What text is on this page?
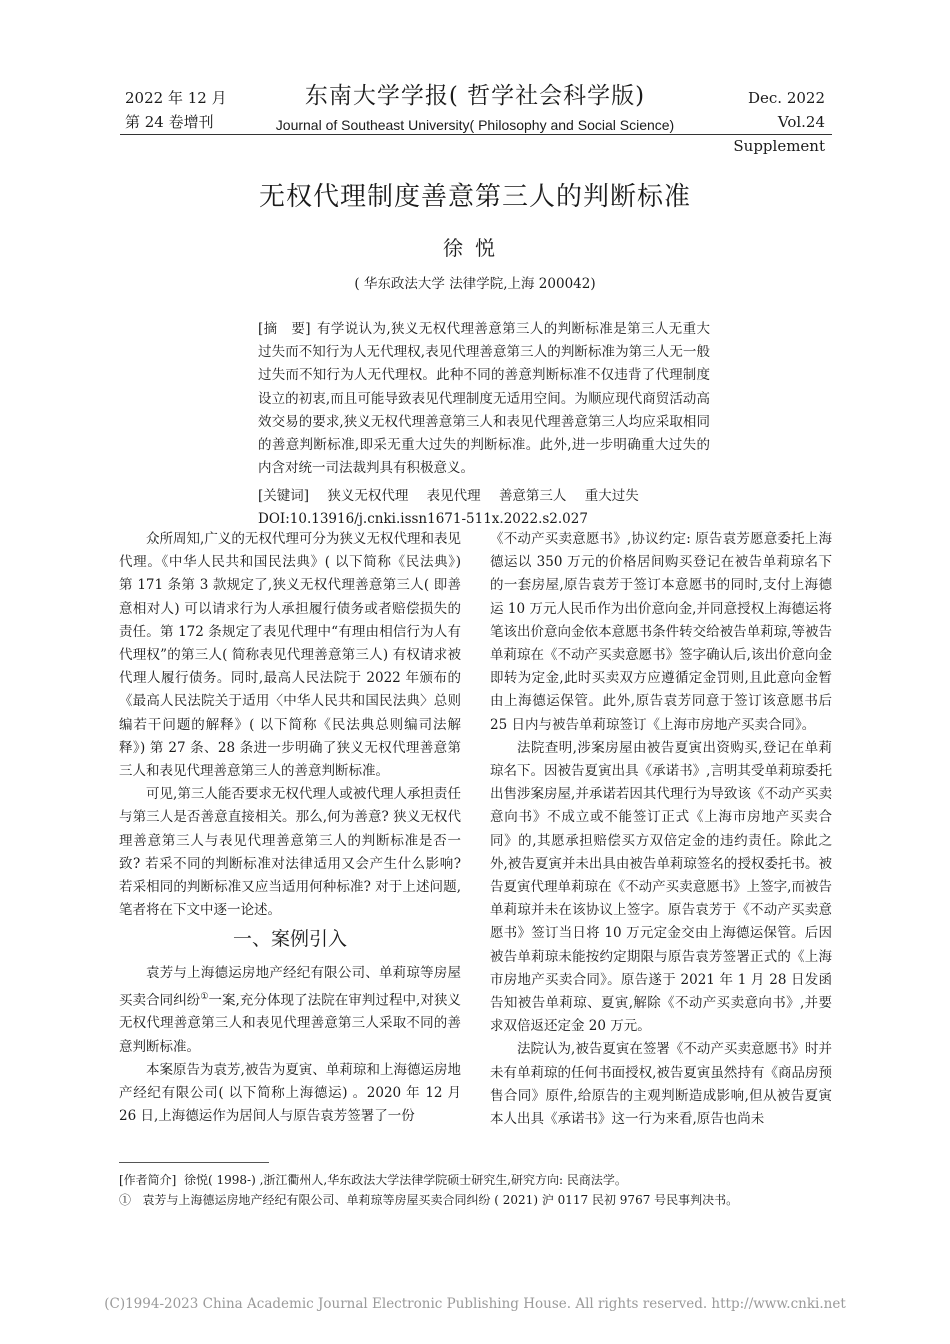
2022 年 12 月
第 24 卷增刊
东南大学学报( 哲学社会科学版)
Journal of Southeast University( Philosophy and Social Science)
Dec. 2022
Vol.24 Supplement
无权代理制度善意第三人的判断标准
徐悦
( 华东政法大学 法律学院,上海 200042)
[摘　要] 有学说认为,狭义无权代理善意第三人的判断标准是第三人无重大过失而不知行为人无代理权,表见代理善意第三人的判断标准为第三人无一般过失而不知行为人无代理权。此种不同的善意判断标准不仅违背了代理制度设立的初衷,而且可能导致表见代理制度无适用空间。为顺应现代商贸活动高效交易的要求,狭义无权代理善意第三人和表见代理善意第三人均应采取相同的善意判断标准,即采无重大过失的判断标准。此外,进一步明确重大过失的内含对统一司法裁判具有积极意义。
[关键词] 狭义无权代理 表见代理 善意第三人 重大过失
DOI:10.13916/j.cnki.issn1671-511x.2022.s2.027

众所周知,广义的无权代理可分为狭义无权代理和表见代理。《中华人民共和国民法典》( 以下简称《民法典》) 第 171 条第 3 款规定了,狭义无权代理善意第三人( 即善意相对人) 可以请求行为人承担履行债务或者赔偿损失的责任。第 172 条规定了表见代理中“有理由相信行为人有代理权”的第三人( 简称表见代理善意第三人) 有权请求被代理人履行债务。同时,最高人民法院于 2022 年颁布的《最高人民法院关于适用〈中华人民共和国民法典〉总则编若干问题的解释》( 以下简称《民法典总则编司法解释》) 第 27 条、28 条进一步明确了狭义无权代理善意第三人和表见代理善意第三人的善意判断标准。

可见,第三人能否要求无权代理人或被代理人承担责任与第三人是否善意直接相关。那么,何为善意? 狭义无权代理善意第三人与表见代理善意第三人的判断标准是否一致? 若采不同的判断标准对法律适用又会产生什么影响? 若采相同的判断标准又应当适用何种标准? 对于上述问题,笔者将在下文中逐一论述。

一、案例引入

袁芳与上海德运房地产经纪有限公司、单莉琼等房屋买卖合同纠纷①一案,充分体现了法院在审判过程中,对狭义无权代理善意第三人和表见代理善意第三人采取不同的善意判断标准。

本案原告为袁芳,被告为夏寅、单莉琼和上海德运房地产经纪有限公司( 以下简称上海德运) 。2020 年 12 月 26 日,上海德运作为居间人与原告袁芳签署了一份

《不动产买卖意愿书》,协议约定: 原告袁芳愿意委托上海德运以 350 万元的价格居间购买登记在被告单莉琼名下的一套房屋,原告袁芳于签订本意愿书的同时,支付上海德运 10 万元人民币作为出价意向金,并同意授权上海德运将笔该出价意向金依本意愿书条件转交给被告单莉琼,等被告单莉琼在《不动产买卖意愿书》签字确认后,该出价意向金即转为定金,此时买卖双方应遵循定金罚则,且此意向金暂由上海德运保管。此外,原告袁芳同意于签订该意愿书后 25 日内与被告单莉琼签订《上海市房地产买卖合同》。

法院查明,涉案房屋由被告夏寅出资购买,登记在单莉琼名下。因被告夏寅出具《承诺书》,言明其受单莉琼委托出售涉案房屋,并承诺若因其代理行为导致该《不动产买卖意向书》不成立或不能签订正式《上海市房地产买卖合同》的,其愿承担赔偿买方双倍定金的违约责任。除此之外,被告夏寅并未出具由被告单莉琼签名的授权委托书。被告夏寅代理单莉琼在《不动产买卖意愿书》上签字,而被告单莉琼并未在该协议上签字。原告袁芳于《不动产买卖意愿书》签订当日将 10 万元定金交由上海德运保管。后因被告单莉琼未能按约定期限与原告袁芳签署正式的《上海市房地产买卖合同》。原告遂于 2021 年 1 月 28 日发函告知被告单莉琼、夏寅,解除《不动产买卖意向书》,并要求双倍返还定金 20 万元。

法院认为,被告夏寅在签署《不动产买卖意愿书》时并未有单莉琼的任何书面授权,被告夏寅虽然持有《商品房预售合同》原件,给原告的主观判断造成影响,但从被告夏寅本人出具《承诺书》这一行为来看,原告也尚未

[作者简介] 徐悦( 1998-) ,浙江衢州人,华东政法大学法律学院硕士研究生,研究方向: 民商法学。
① 袁芳与上海德运房地产经纪有限公司、单莉琼等房屋买卖合同纠纷 ( 2021) 沪 0117 民初 9767 号民事判决书。
(C)1994-2023 China Academic Journal Electronic Publishing House. All rights reserved. http://www.cnki.net
